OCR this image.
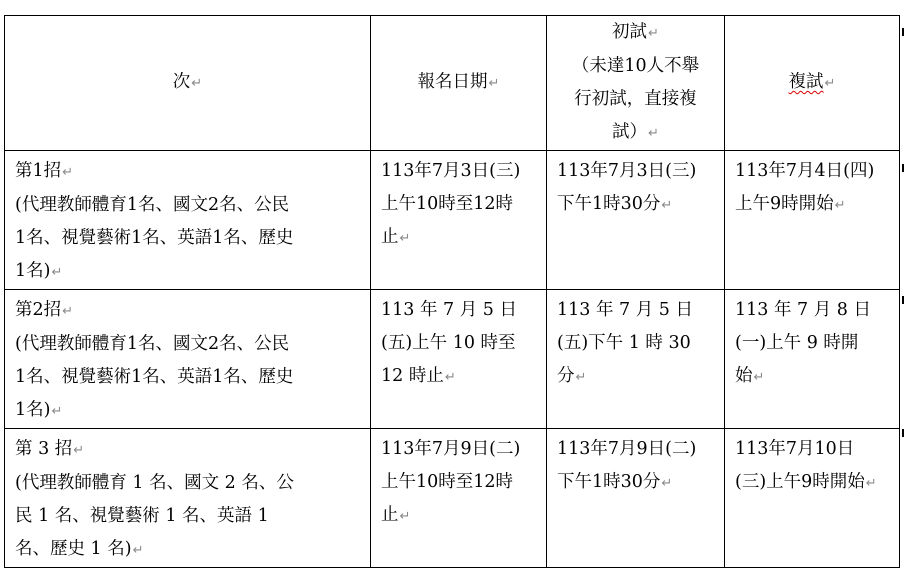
次↵	報名日期↵	初試↵
（未達10人不舉
行初試，直接複
試）↵	複試↵

第1招↵
(代理教師體育1名、國文2名、公民
1名、視覺藝術1名、英語1名、歷史
1名)↵	113年7月3日(三)
上午10時至12時
止↵	113年7月3日(三)
下午1時30分↵	113年7月4日(四)
上午9時開始↵

第2招↵
(代理教師體育1名、國文2名、公民
1名、視覺藝術1名、英語1名、歷史
1名)↵	113 年 7 月 5 日
(五)上午 10 時至
12 時止↵	113 年 7 月 5 日
(五)下午 1 時 30
分↵	113 年 7 月 8 日
(一)上午 9 時開
始↵

第 3 招↵
(代理教師體育 1 名、國文 2 名、公
民 1 名、視覺藝術 1 名、英語 1
名、歷史 1 名)↵	113年7月9日(二)
上午10時至12時
止↵	113年7月9日(二)
下午1時30分↵	113年7月10日
(三)上午9時開始↵
